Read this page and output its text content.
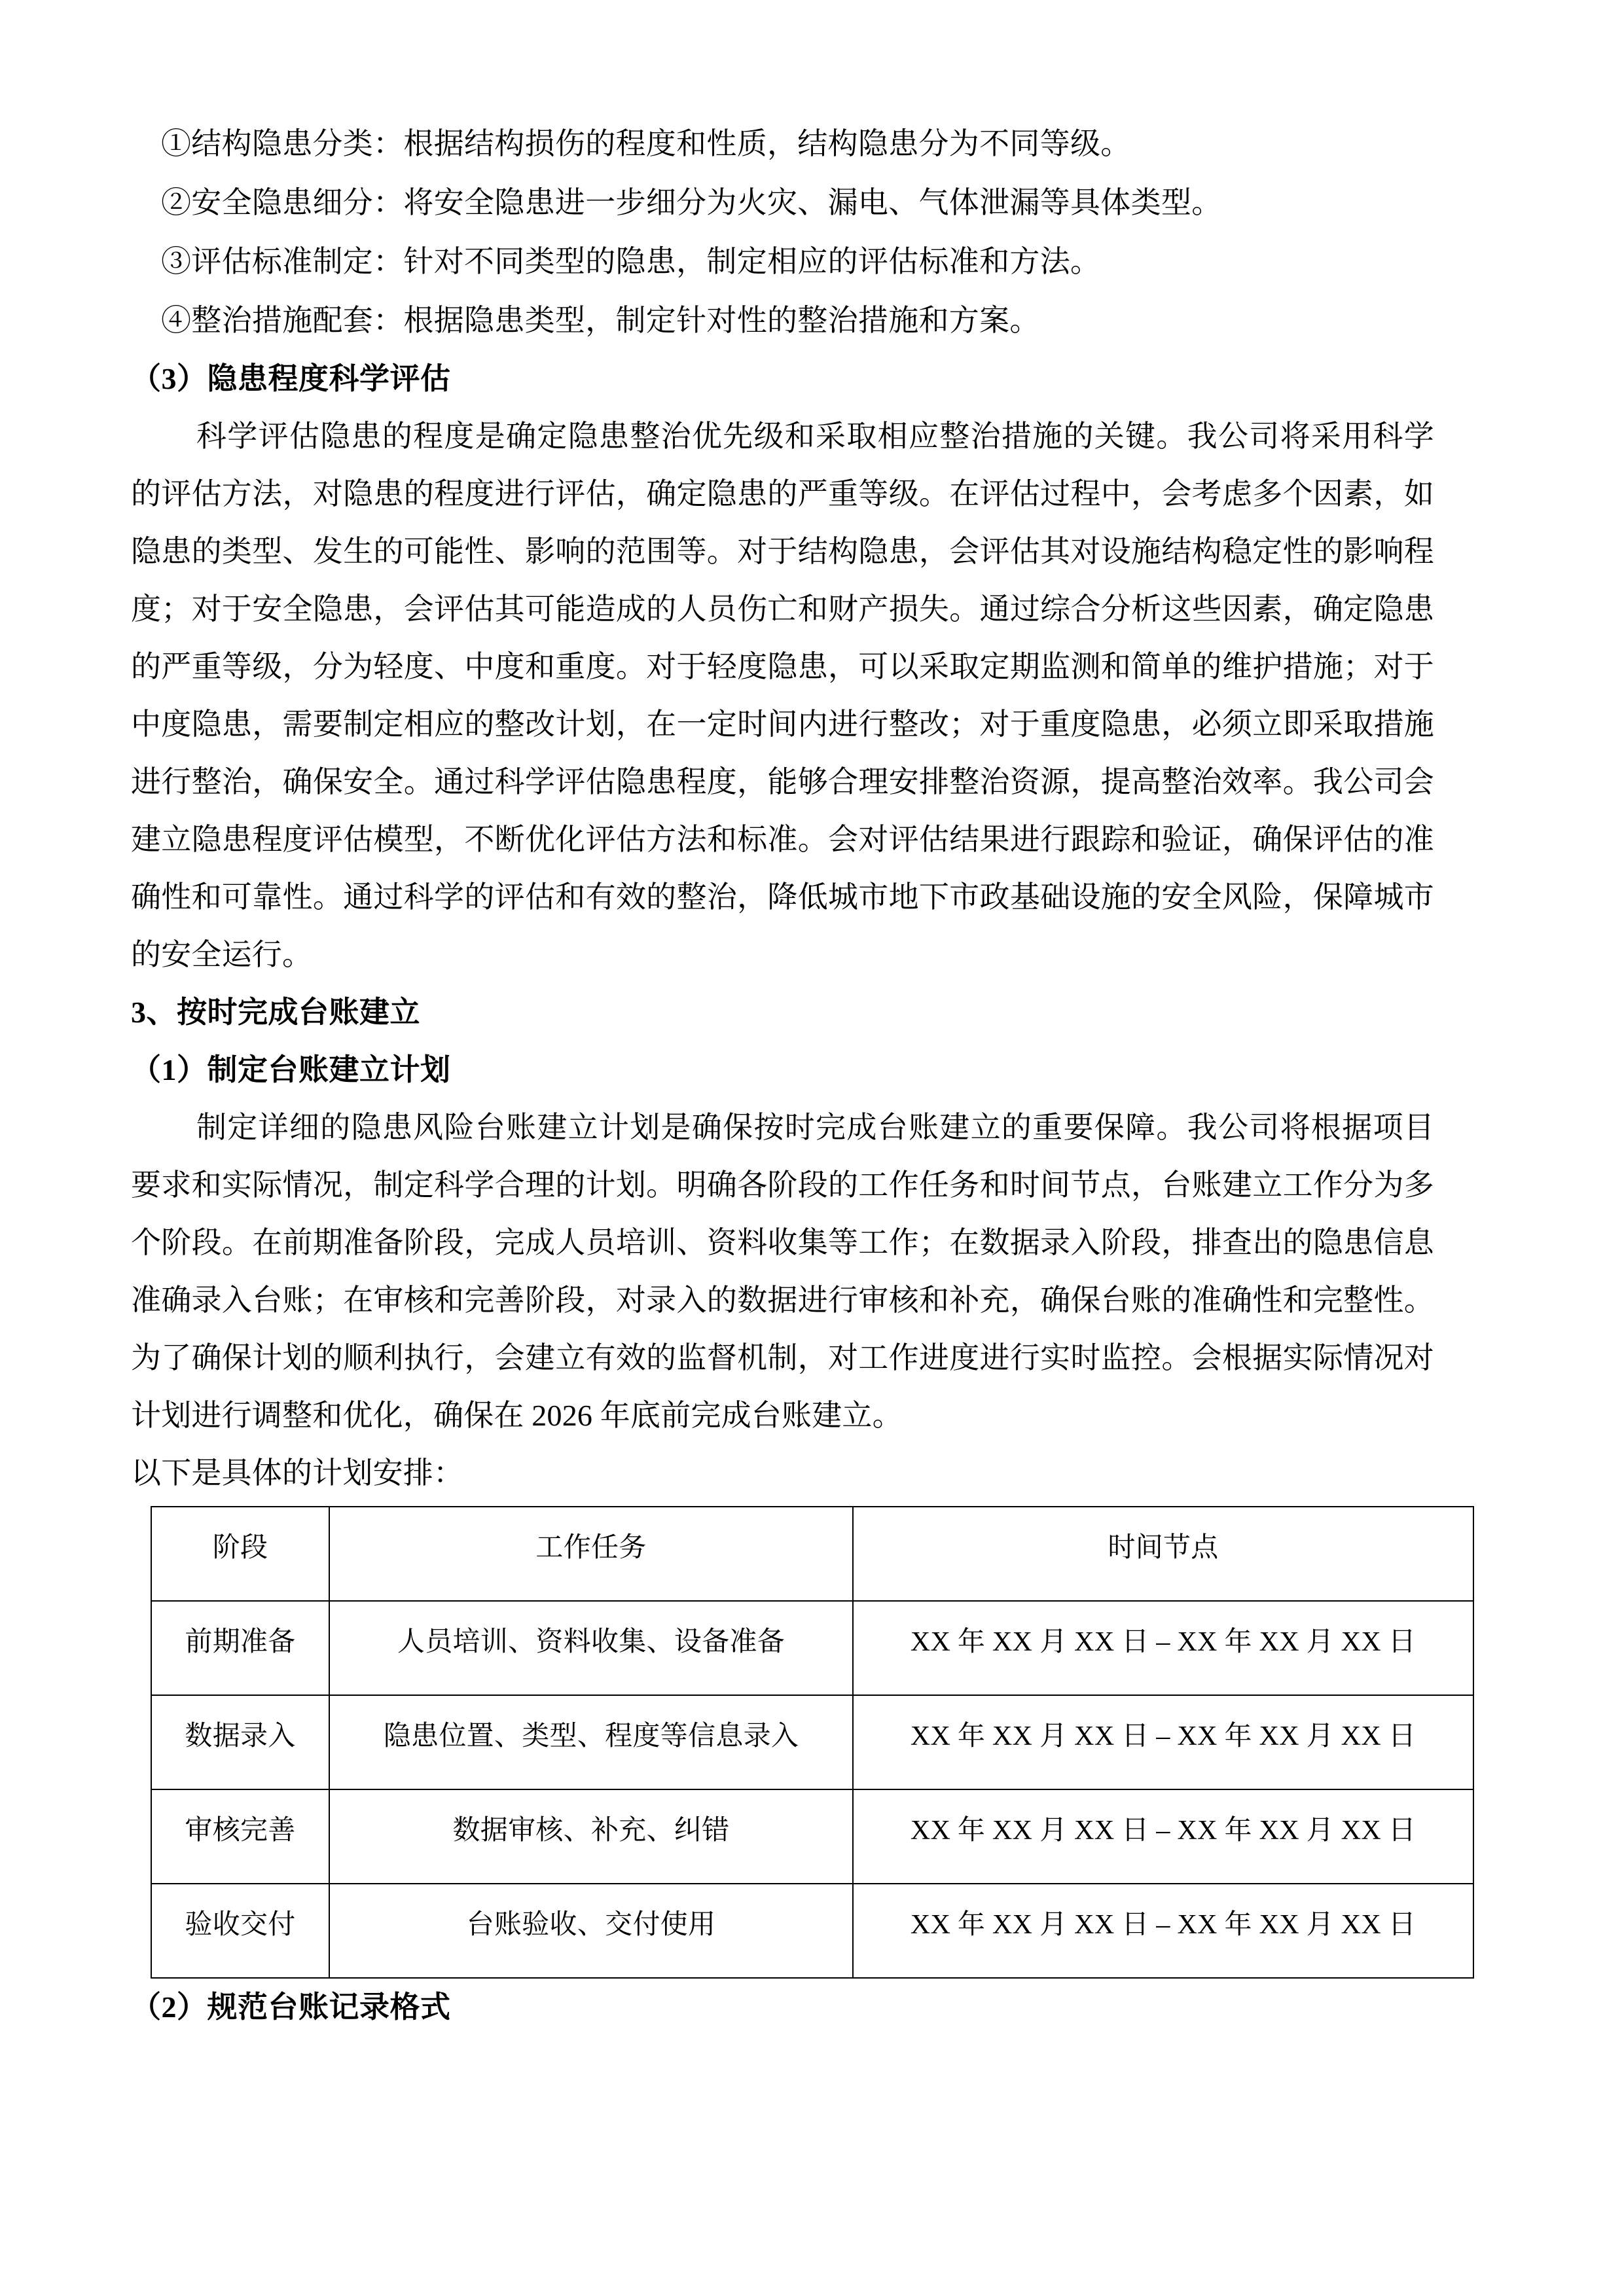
①结构隐患分类：根据结构损伤的程度和性质，结构隐患分为不同等级。
②安全隐患细分：将安全隐患进一步细分为火灾、漏电、气体泄漏等具体类型。
③评估标准制定：针对不同类型的隐患，制定相应的评估标准和方法。
④整治措施配套：根据隐患类型，制定针对性的整治措施和方案。
（3）隐患程度科学评估

科学评估隐患的程度是确定隐患整治优先级和采取相应整治措施的关键。我公司将采用科学的评估方法，对隐患的程度进行评估，确定隐患的严重等级。在评估过程中，会考虑多个因素，如隐患的类型、发生的可能性、影响的范围等。对于结构隐患，会评估其对设施结构稳定性的影响程度；对于安全隐患，会评估其可能造成的人员伤亡和财产损失。通过综合分析这些因素，确定隐患的严重等级，分为轻度、中度和重度。对于轻度隐患，可以采取定期监测和简单的维护措施；对于中度隐患，需要制定相应的整改计划，在一定时间内进行整改；对于重度隐患，必须立即采取措施进行整治，确保安全。通过科学评估隐患程度，能够合理安排整治资源，提高整治效率。我公司会建立隐患程度评估模型，不断优化评估方法和标准。会对评估结果进行跟踪和验证，确保评估的准确性和可靠性。通过科学的评估和有效的整治，降低城市地下市政基础设施的安全风险，保障城市的安全运行。

3、按时完成台账建立
（1）制定台账建立计划

制定详细的隐患风险台账建立计划是确保按时完成台账建立的重要保障。我公司将根据项目要求和实际情况，制定科学合理的计划。明确各阶段的工作任务和时间节点，台账建立工作分为多个阶段。在前期准备阶段，完成人员培训、资料收集等工作；在数据录入阶段，排查出的隐患信息准确录入台账；在审核和完善阶段，对录入的数据进行审核和补充，确保台账的准确性和完整性。为了确保计划的顺利执行，会建立有效的监督机制，对工作进度进行实时监控。会根据实际情况对计划进行调整和优化，确保在 2026 年底前完成台账建立。

以下是具体的计划安排：

阶段	工作任务	时间节点
前期准备	人员培训、资料收集、设备准备	XX 年 XX 月 XX 日 – XX 年 XX 月 XX 日
数据录入	隐患位置、类型、程度等信息录入	XX 年 XX 月 XX 日 – XX 年 XX 月 XX 日
审核完善	数据审核、补充、纠错	XX 年 XX 月 XX 日 – XX 年 XX 月 XX 日
验收交付	台账验收、交付使用	XX 年 XX 月 XX 日 – XX 年 XX 月 XX 日
（2）规范台账记录格式
